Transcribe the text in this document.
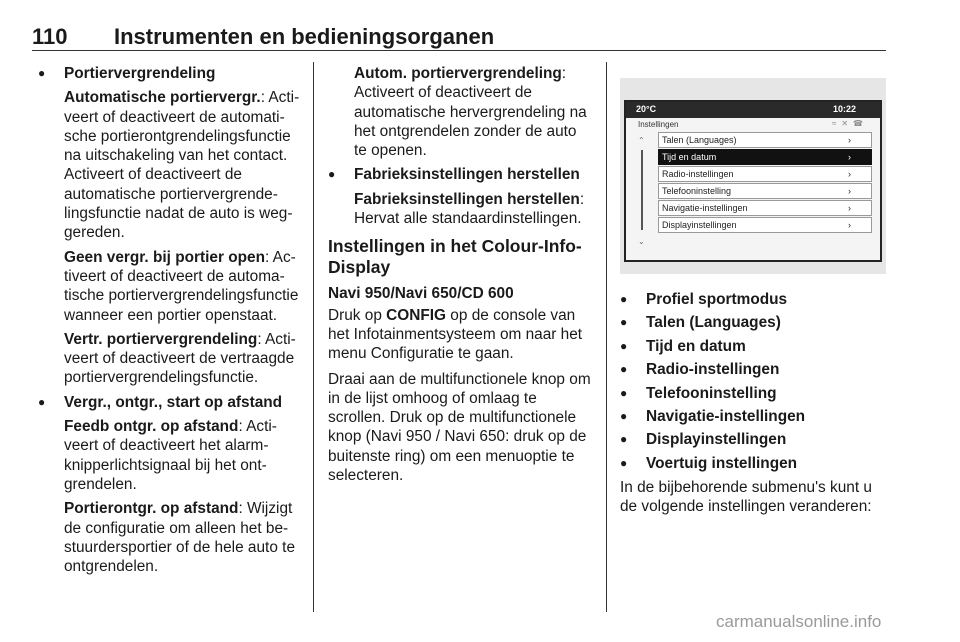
110 Instrumenten en bedieningsorganen

● Portiervergrendeling

Automatische portiervergr.: Activeert of deactiveert de automatische portierontgrendelingsfunctie na uitschakeling van het contact. Activeert of deactiveert de automatische portiervergrendelingsfunctie nadat de auto is weggereden.

Geen vergr. bij portier open: Activeert of deactiveert de automatische portiervergrendelingsfunctie wanneer een portier openstaat.

Vertr. portiervergrendeling: Activeert of deactiveert de vertraagde portiervergrendelingsfunctie.

● Vergr., ontgr., start op afstand

Feedb ontgr. op afstand: Activeert of deactiveert het alarmknipperlichtsignaal bij het ontgrendelen.

Portierontgr. op afstand: Wijzigt de configuratie om alleen het bestuurdersportier of de hele auto te ontgrendelen.

Autom. portiervergrendeling: Activeert of deactiveert de automatische hervergrendeling na het ontgrendelen zonder de auto te openen.

● Fabrieksinstellingen herstellen

Fabrieksinstellingen herstellen: Hervat alle standaardinstellingen.

Instellingen in het Colour-Info-Display

Navi 950/Navi 650/CD 600

Druk op CONFIG op de console van het Infotainmentsysteem om naar het menu Configuratie te gaan.

Draai aan de multifunctionele knop om in de lijst omhoog of omlaag te scrollen. Druk op de multifunctionele knop (Navi 950 / Navi 650: druk op de buitenste ring) om een menuoptie te selecteren.

20°C	10:22
Instellingen	≈✕☎
⌃
⌄
Talen (Languages)	›
Tijd en datum	›
Radio-instellingen	›
Telefooninstelling	›
Navigatie-instellingen	›
Displayinstellingen	›

● Profiel sportmodus

● Talen (Languages)

● Tijd en datum

● Radio-instellingen

● Telefooninstelling

● Navigatie-instellingen

● Displayinstellingen

● Voertuig instellingen

In de bijbehorende submenu's kunt u de volgende instellingen veranderen:

carmanualsonline.info
